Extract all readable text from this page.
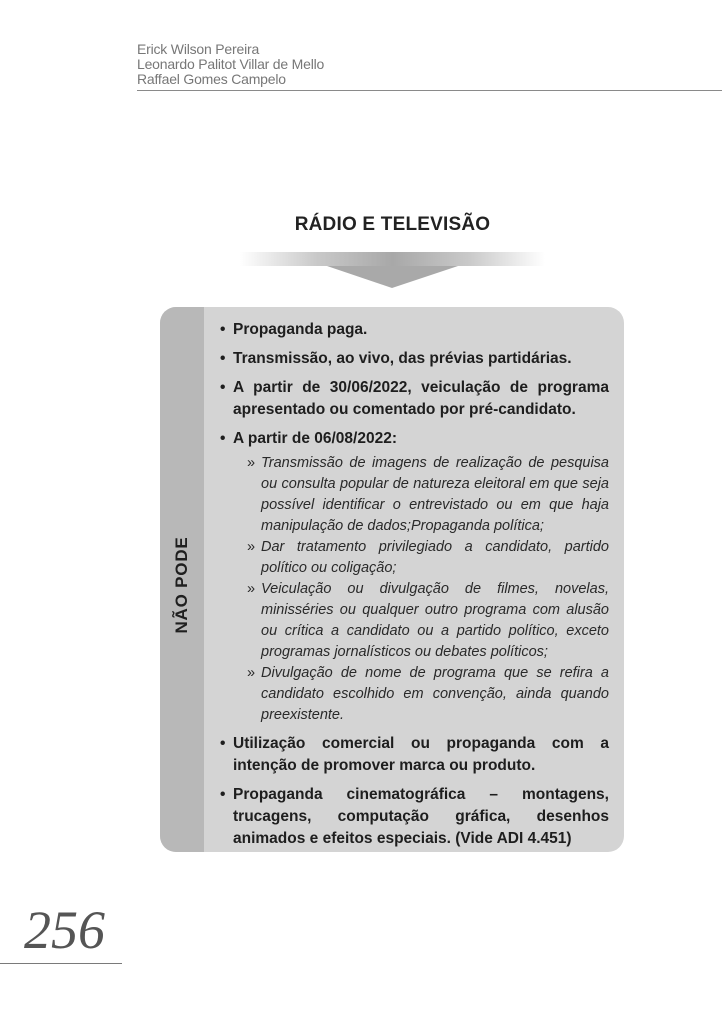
Erick Wilson Pereira
Leonardo Palitot Villar de Mello
Raffael Gomes Campelo
RÁDIO E TELEVISÃO
NÃO PODE
• Propaganda paga.
• Transmissão, ao vivo, das prévias partidárias.
• A partir de 30/06/2022, veiculação de programa apresentado ou comentado por pré-candidato.
• A partir de 06/08/2022:
» Transmissão de imagens de realização de pesquisa ou consulta popular de natureza eleitoral em que seja possível identificar o entrevistado ou em que haja manipulação de dados;Propaganda política;
» Dar tratamento privilegiado a candidato, partido político ou coligação;
» Veiculação ou divulgação de filmes, novelas, minisséries ou qualquer outro programa com alusão ou crítica a candidato ou a partido político, exceto programas jornalísticos ou debates políticos;
» Divulgação de nome de programa que se refira a candidato escolhido em convenção, ainda quando preexistente.
• Utilização comercial ou propaganda com a intenção de promover marca ou produto.
• Propaganda cinematográfica – montagens, trucagens, computação gráfica, desenhos animados e efeitos especiais. (Vide ADI 4.451)
256
